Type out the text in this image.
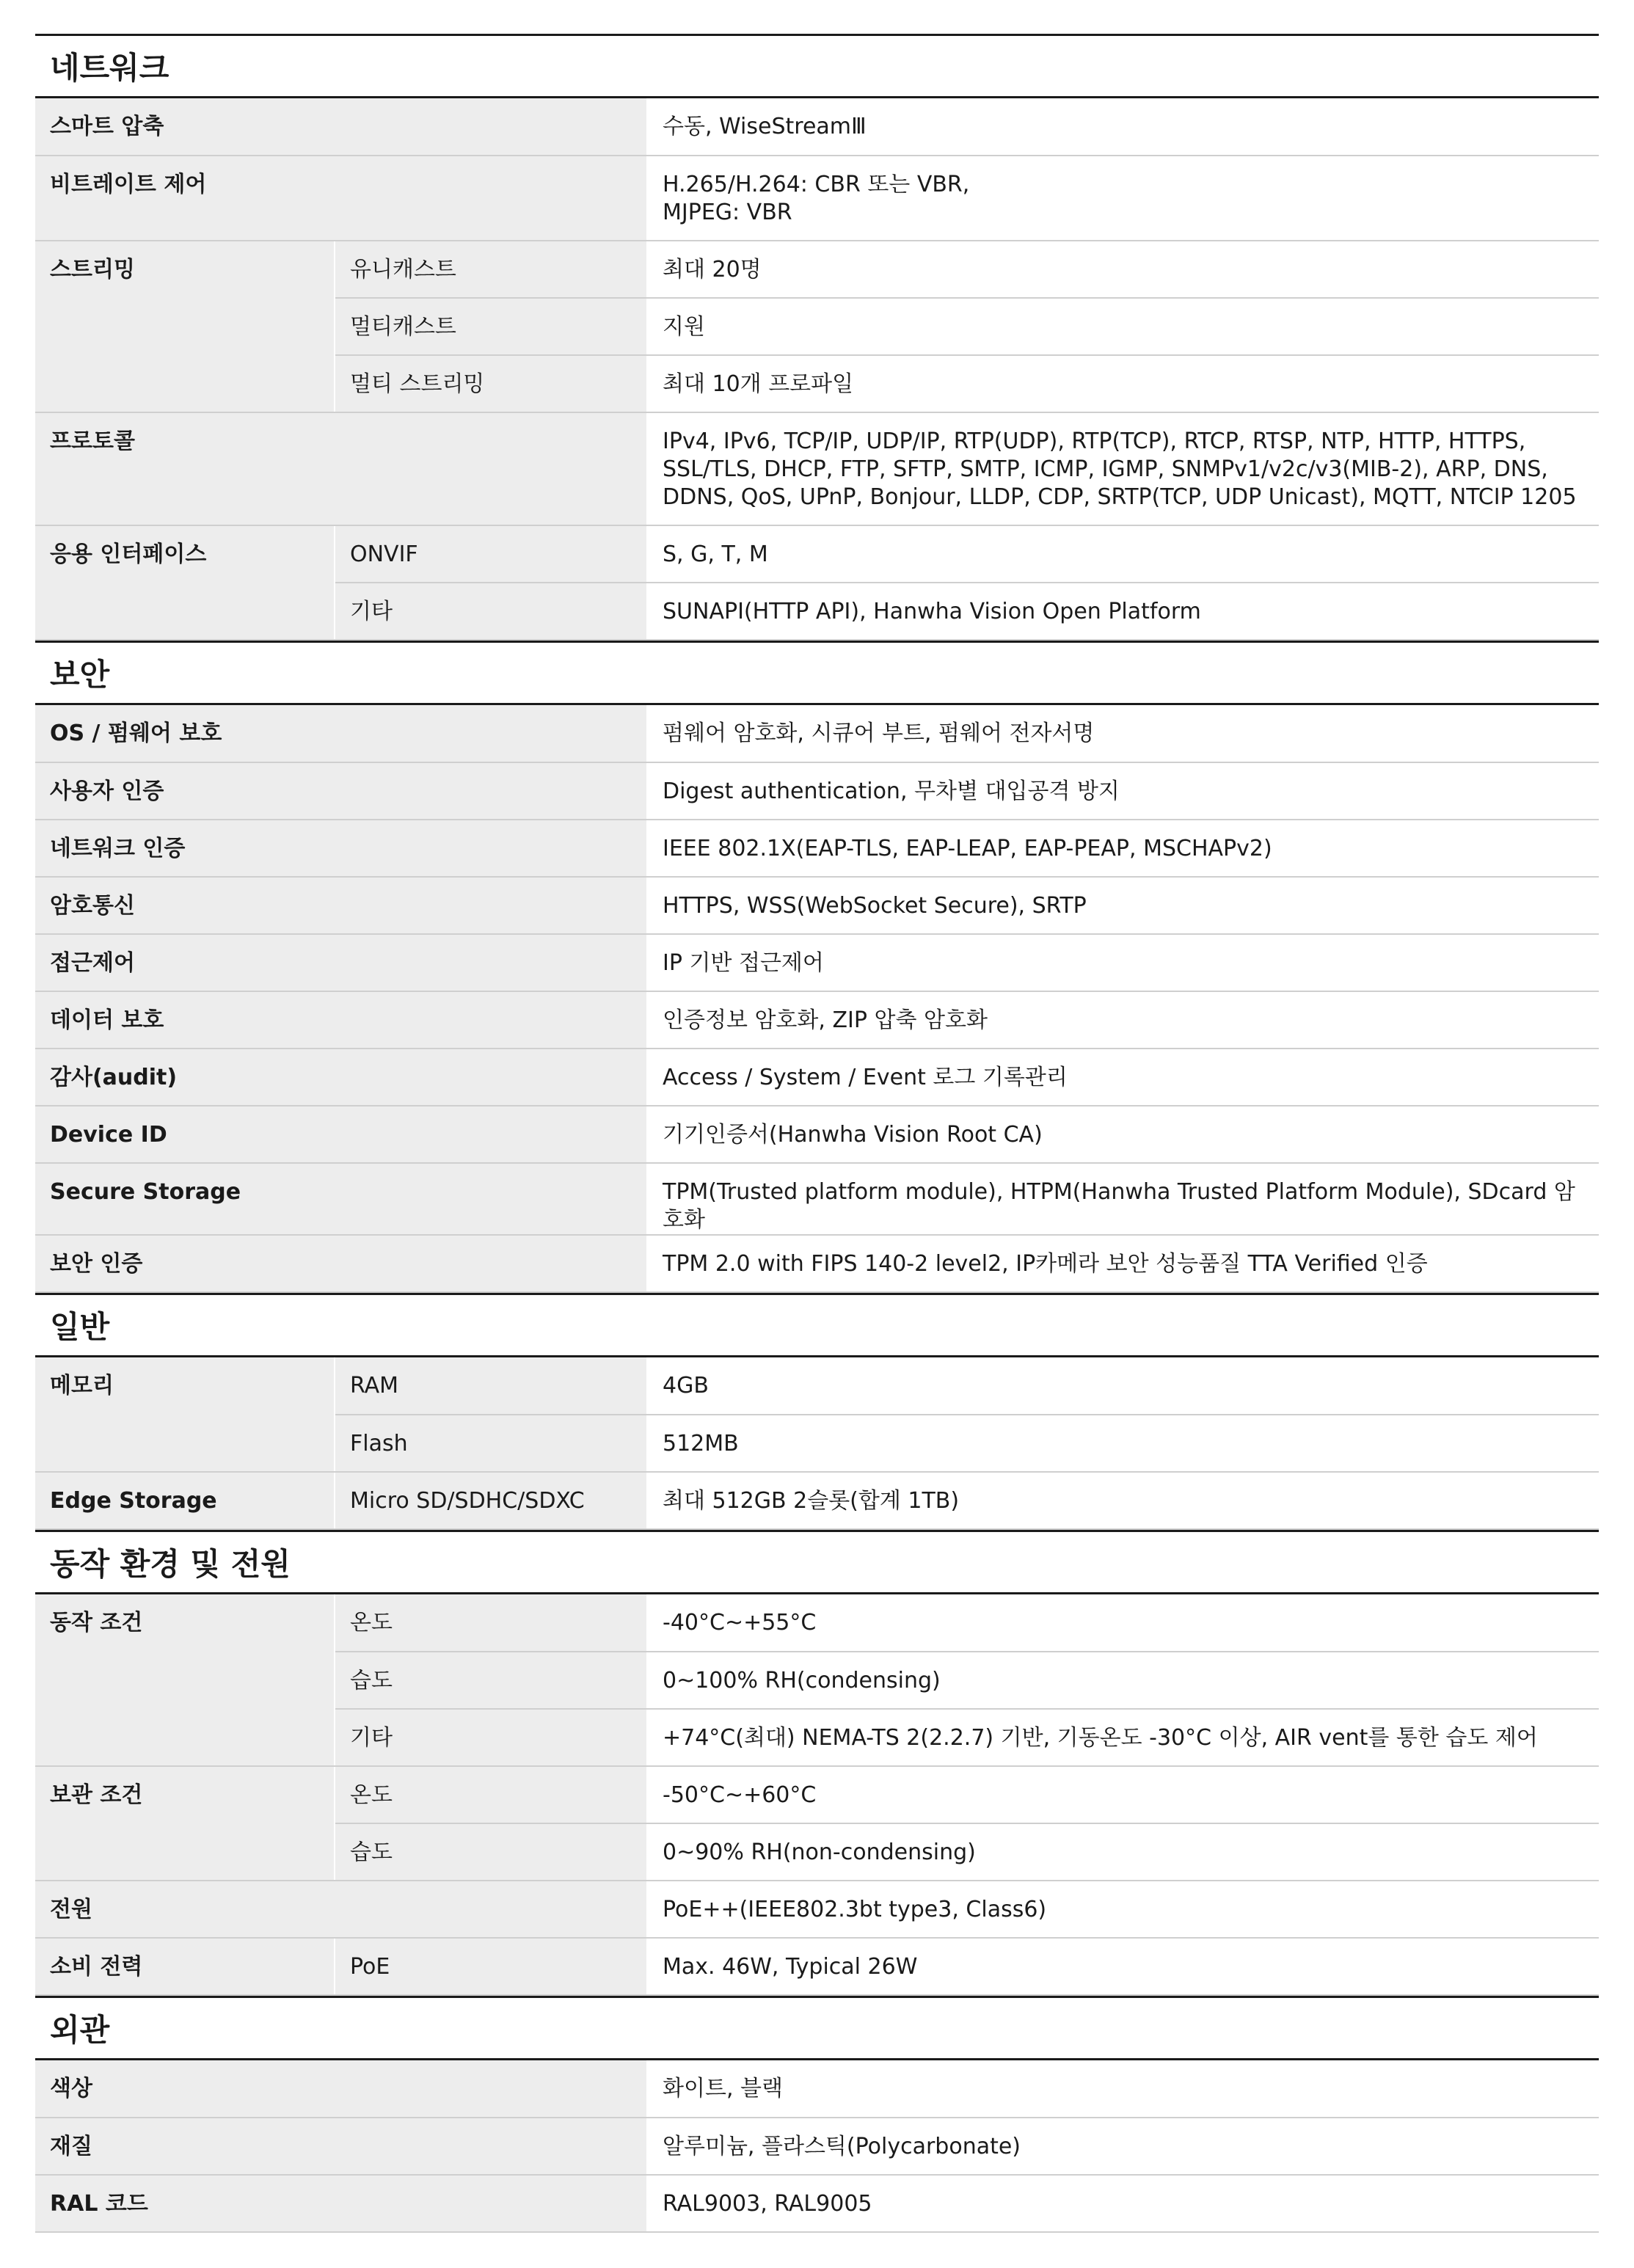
네트워크
스마트 압축		수동, WiseStreamⅢ

비트레이트 제어		H.265/H.264: CBR 또는 VBR,
MJPEG: VBR

스트리밍	유니캐스트	최대 20명
	멀티캐스트	지원
	멀티 스트리밍	최대 10개 프로파일
프로토콜		IPv4, IPv6, TCP/IP, UDP/IP, RTP(UDP), RTP(TCP), RTCP, RTSP, NTP, HTTP, HTTPS,
SSL/TLS, DHCP, FTP, SFTP, SMTP, ICMP, IGMP, SNMPv1/v2c/v3(MIB-2), ARP, DNS,
DDNS, QoS, UPnP, Bonjour, LLDP, CDP, SRTP(TCP, UDP Unicast), MQTT, NTCIP 1205

응용 인터페이스	ONVIF	S, G, T, M
	기타	SUNAPI(HTTP API), Hanwha Vision Open Platform
보안
OS / 펌웨어 보호	펌웨어 암호화, 시큐어 부트, 펌웨어 전자서명

사용자 인증	Digest authentication, 무차별 대입공격 방지

네트워크 인증	IEEE 802.1X(EAP-TLS, EAP-LEAP, EAP-PEAP, MSCHAPv2)

암호통신	HTTPS, WSS(WebSocket Secure), SRTP

접근제어	IP 기반 접근제어

데이터 보호	인증정보 암호화, ZIP 압축 암호화

감사(audit)	Access / System / Event 로그 기록관리

Device ID	기기인증서(Hanwha Vision Root CA)

Secure Storage	TPM(Trusted platform module), HTPM(Hanwha Trusted Platform Module), SDcard 암호화

보안 인증	TPM 2.0 with FIPS 140-2 level2, IP카메라 보안 성능품질 TTA Verified 인증
일반
메모리	RAM	4GB
	Flash	512MB
Edge Storage	Micro SD/SDHC/SDXC	최대 512GB 2슬롯(합계 1TB)
동작 환경 및 전원
동작 조건	온도	-40°C~+55°C
	습도	0~100% RH(condensing)
	기타	+74°C(최대) NEMA-TS 2(2.2.7) 기반, 기동온도 -30°C 이상, AIR vent를 통한 습도 제어
보관 조건	온도	-50°C~+60°C
	습도	0~90% RH(non-condensing)
전원		PoE++(IEEE802.3bt type3, Class6)

소비 전력	PoE	Max. 46W, Typical 26W
외관
색상	화이트, 블랙

재질	알루미늄, 플라스틱(Polycarbonate)

RAL 코드	RAL9003, RAL9005
